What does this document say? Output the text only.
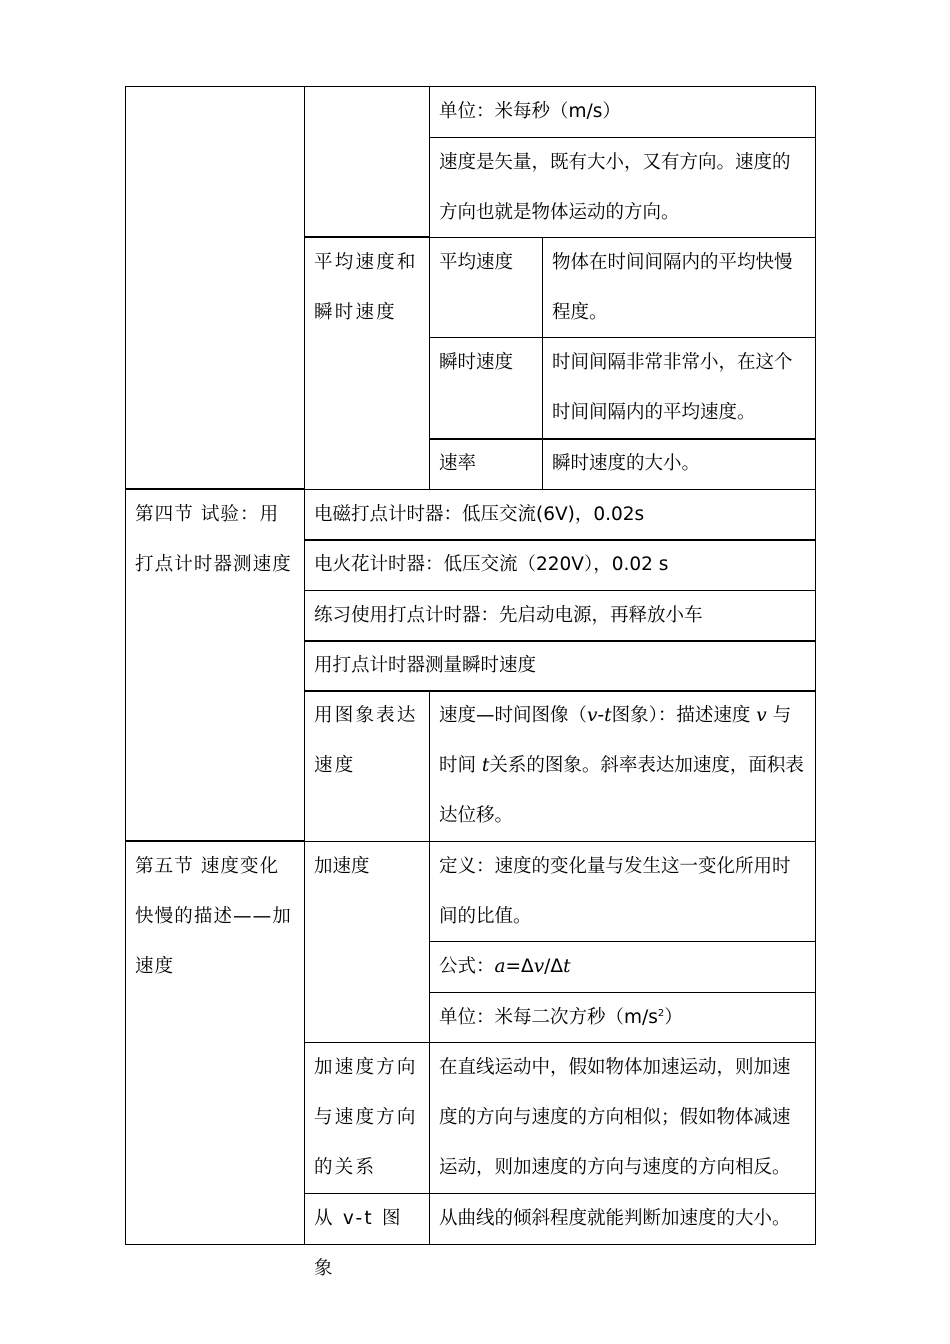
第四节 试验：用打点计时器测速度
第五节 速度变化快慢的描述——加速度
平均速度和瞬时速度
用图象表达速度
加速度
加速度方向与速度方向的关系
从 v-t 图象
电磁打点计时器：低压交流(6V)，0.02s
电火花计时器：低压交流（220V），0.02 s
练习使用打点计时器：先启动电源，再释放小车
用打点计时器测量瞬时速度
单位：米每秒（m/s）
速度是矢量，既有大小，又有方向。速度的方向也就是物体运动的方向。
平均速度
瞬时速度
速率
物体在时间间隔内的平均快慢程度。
时间间隔非常非常小，在这个时间间隔内的平均速度。
瞬时速度的大小。
速度—时间图像（v-t图象）：描述速度 v 与时间 t关系的图象。斜率表达加速度，面积表达位移。
定义：速度的变化量与发生这一变化所用时间的比值。
公式：a=Δv/Δt
单位：米每二次方秒$(m/s^2)$
在直线运动中，假如物体加速运动，则加速度的方向与速度的方向相似；假如物体减速运动，则加速度的方向与速度的方向相反。
从曲线的倾斜程度就能判断加速度的大小。
